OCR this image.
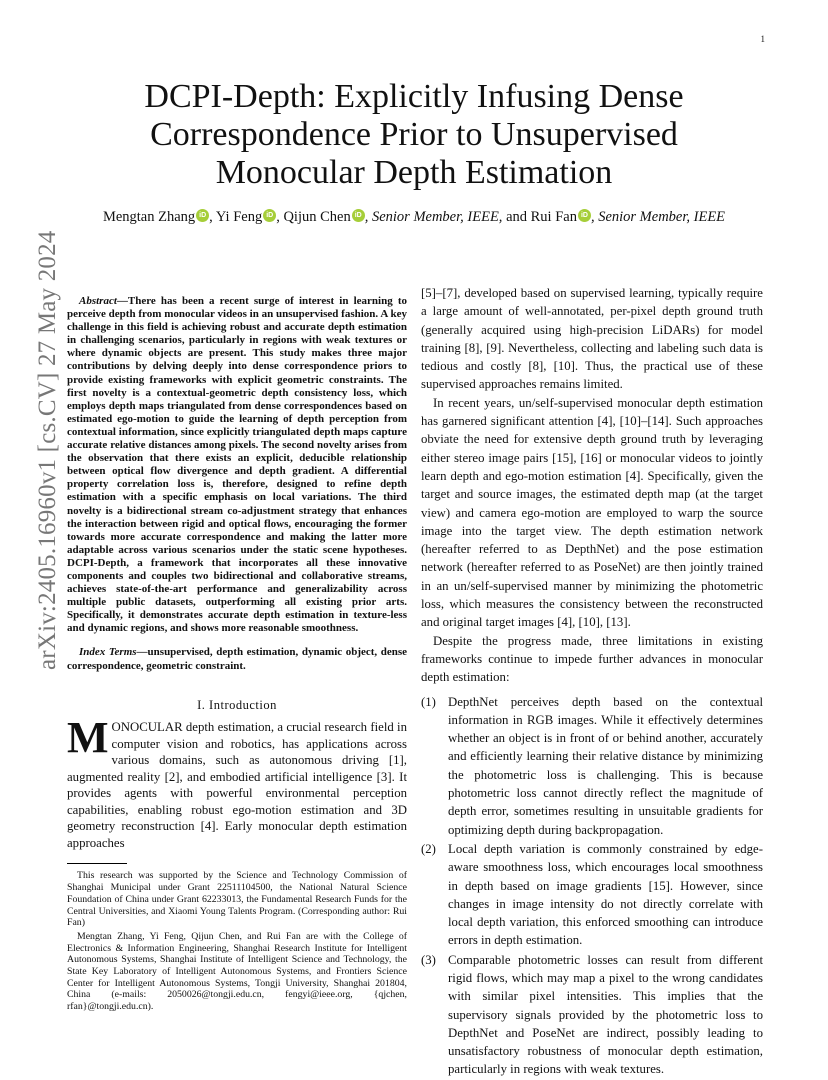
1
arXiv:2405.16960v1 [cs.CV] 27 May 2024
DCPI-Depth: Explicitly Infusing Dense
Correspondence Prior to Unsupervised
Monocular Depth Estimation
Mengtan Zhang iD , Yi Feng iD , Qijun Chen iD , Senior Member, IEEE, and Rui Fan iD , Senior Member, IEEE

Abstract—There has been a recent surge of interest in learning to perceive depth from monocular videos in an unsupervised fashion. A key challenge in this field is achieving robust and accurate depth estimation in challenging scenarios, particularly in regions with weak textures or where dynamic objects are present. This study makes three major contributions by delving deeply into dense correspondence priors to provide existing frameworks with explicit geometric constraints. The first novelty is a contextual-geometric depth consistency loss, which employs depth maps triangulated from dense correspondences based on estimated ego-motion to guide the learning of depth perception from contextual information, since explicitly triangulated depth maps capture accurate relative distances among pixels. The second novelty arises from the observation that there exists an explicit, deducible relationship between optical flow divergence and depth gradient. A differential property correlation loss is, therefore, designed to refine depth estimation with a specific emphasis on local variations. The third novelty is a bidirectional stream co-adjustment strategy that enhances the interaction between rigid and optical flows, encouraging the former towards more accurate correspondence and making the latter more adaptable across various scenarios under the static scene hypotheses. DCPI-Depth, a framework that incorporates all these innovative components and couples two bidirectional and collaborative streams, achieves state-of-the-art performance and generalizability across multiple public datasets, outperforming all existing prior arts. Specifically, it demonstrates accurate depth estimation in texture-less and dynamic regions, and shows more reasonable smoothness.

Index Terms—unsupervised, depth estimation, dynamic object, dense correspondence, geometric constraint.

I. Introduction

MONOCULAR depth estimation, a crucial research field in computer vision and robotics, has applications across various domains, such as autonomous driving [1], augmented reality [2], and embodied artificial intelligence [3]. It provides agents with powerful environmental perception capabilities, enabling robust ego-motion estimation and 3D geometry reconstruction [4]. Early monocular depth estimation approaches

This research was supported by the Science and Technology Commission of Shanghai Municipal under Grant 22511104500, the National Natural Science Foundation of China under Grant 62233013, the Fundamental Research Funds for the Central Universities, and Xiaomi Young Talents Program. (Corresponding author: Rui Fan)

Mengtan Zhang, Yi Feng, Qijun Chen, and Rui Fan are with the College of Electronics & Information Engineering, Shanghai Research Institute for Intelligent Autonomous Systems, Shanghai Institute of Intelligent Science and Technology, the State Key Laboratory of Intelligent Autonomous Systems, and Frontiers Science Center for Intelligent Autonomous Systems, Tongji University, Shanghai 201804, China (e-mails: 2050026@tongji.edu.cn, fengyi@ieee.org, {qjchen, rfan}@tongji.edu.cn).

[5]–[7], developed based on supervised learning, typically require a large amount of well-annotated, per-pixel depth ground truth (generally acquired using high-precision LiDARs) for model training [8], [9]. Nevertheless, collecting and labeling such data is tedious and costly [8], [10]. Thus, the practical use of these supervised approaches remains limited.

In recent years, un/self-supervised monocular depth estimation has garnered significant attention [4], [10]–[14]. Such approaches obviate the need for extensive depth ground truth by leveraging either stereo image pairs [15], [16] or monocular videos to jointly learn depth and ego-motion estimation [4]. Specifically, given the target and source images, the estimated depth map (at the target view) and camera ego-motion are employed to warp the source image into the target view. The depth estimation network (hereafter referred to as DepthNet) and the pose estimation network (hereafter referred to as PoseNet) are then jointly trained in an un/self-supervised manner by minimizing the photometric loss, which measures the consistency between the reconstructed and original target images [4], [10], [13].

Despite the progress made, three limitations in existing frameworks continue to impede further advances in monocular depth estimation:

(1) DepthNet perceives depth based on the contextual information in RGB images. While it effectively determines whether an object is in front of or behind another, accurately and efficiently learning their relative distance by minimizing the photometric loss is challenging. This is because photometric loss cannot directly reflect the magnitude of depth error, sometimes resulting in unsuitable gradients for optimizing depth during backpropagation.
(2) Local depth variation is commonly constrained by edge-aware smoothness loss, which encourages local smoothness in depth based on image gradients [15]. However, since changes in image intensity do not directly correlate with local depth variation, this enforced smoothing can introduce errors in depth estimation.
(3) Comparable photometric losses can result from different rigid flows, which may map a pixel to the wrong candidates with similar pixel intensities. This implies that the supervisory signals provided by the photometric loss to DepthNet and PoseNet are indirect, possibly leading to unsatisfactory robustness of monocular depth estimation, particularly in regions with weak textures.
